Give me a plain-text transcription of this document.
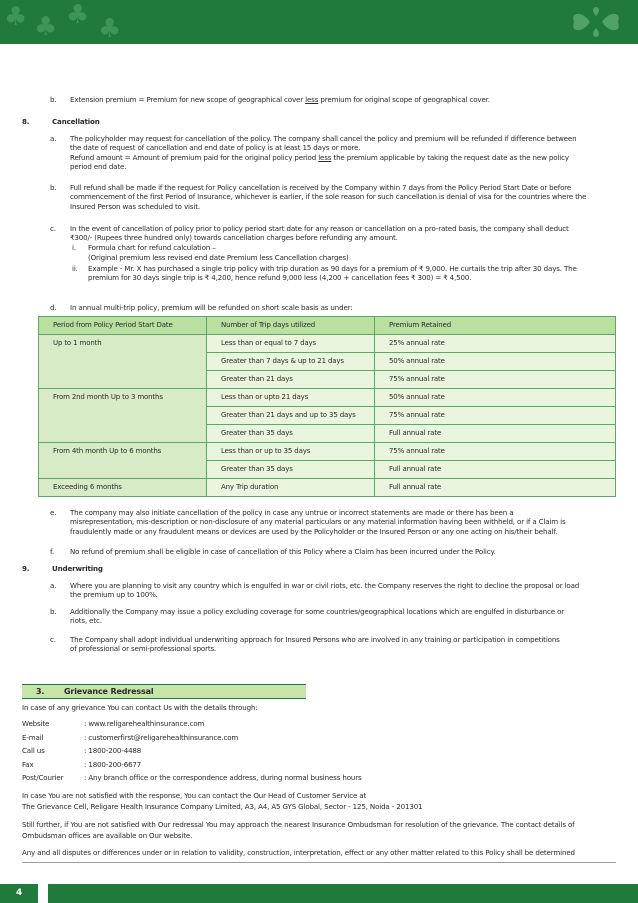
♣ ♣ ♣ ♣
b.	Extension premium = Premium for new scope of geographical cover less premium for original scope of geographical cover.
8.	Cancellation
a.	The policyholder may request for cancellation of the policy. The company shall cancel the policy and premium will be refunded if difference between
the date of request of cancellation and end date of policy is at least 15 days or more.
Refund amount = Amount of premium paid for the original policy period less the premium applicable by taking the request date as the new policy
period end date.
b.	Full refund shall be made if the request for Policy cancellation is received by the Company within 7 days from the Policy Period Start Date or before
commencement of the first Period of Insurance, whichever is earlier, if the sole reason for such cancellation is denial of visa for the countries where the
Insured Person was scheduled to visit.
c.	In the event of cancellation of policy prior to policy period start date for any reason or cancellation on a pro-rated basis, the company shall deduct
₹300/- (Rupees three hundred only) towards cancellation charges before refunding any amount.
i. Formula chart for refund calculation –
(Original premium less revised end date Premium less Cancellation charges)
ii. Example - Mr. X has purchased a single trip policy with trip duration as 90 days for a premium of ₹ 9,000. He curtails the trip after 30 days. The
premium for 30 days single trip is ₹ 4,200, hence refund 9,000 less (4,200 + cancellation fees ₹ 300) = ₹ 4,500.
d.	In annual multi-trip policy, premium will be refunded on short scale basis as under:
Period from Policy Period Start Date	Number of Trip days utilized	Premium Retained
Up to 1 month	Less than or equal to 7 days	25% annual rate
	Greater than 7 days & up to 21 days	50% annual rate
	Greater than 21 days	75% annual rate
From 2nd month Up to 3 months	Less than or upto 21 days	50% annual rate
	Greater than 21 days and up to 35 days	75% annual rate
	Greater than 35 days	Full annual rate
From 4th month Up to 6 months	Less than or up to 35 days	75% annual rate
	Greater than 35 days	Full annual rate
Exceeding 6 months	Any Trip duration	Full annual rate
e.	The company may also initiate cancellation of the policy in case any untrue or incorrect statements are made or there has been a
misrepresentation, mis-description or non-disclosure of any material particulars or any material information having been withheld, or if a Claim is
fraudulently made or any fraudulent means or devices are used by the Policyholder or the Insured Person or any one acting on his/their behalf.
f.	No refund of premium shall be eligible in case of cancellation of this Policy where a Claim has been incurred under the Policy.
9.	Underwriting
a.	Where you are planning to visit any country which is engulfed in war or civil riots, etc. the Company reserves the right to decline the proposal or load
the premium up to 100%.
b.	Additionally the Company may issue a policy excluding coverage for some countries/geographical locations which are engulfed in disturbance or
riots, etc.
c.	The Company shall adopt individual underwriting approach for Insured Persons who are involved in any training or participation in competitions
of professional or semi-professional sports.
3. Grievance Redressal
In case of any grievance You can contact Us with the details through:
Website	: www.religarehealthinsurance.com
E-mail	: customerfirst@religarehealthinsurance.com
Call us	: 1800-200-4488
Fax	: 1800-200-6677
Post/Courier	: Any branch office or the correspondence address, during normal business hours
In case You are not satisfied with the response, You can contact the Our Head of Customer Service at
The Grievance Cell, Religare Health Insurance Company Limited, A3, A4, A5 GYS Global, Sector - 125, Noida - 201301
Still further, if You are not satisfied with Our redressal You may approach the nearest Insurance Ombudsman for resolution of the grievance. The contact details of
Ombudsman offices are available on Our website.
Any and all disputes or differences under or in relation to validity, construction, interpretation, effect or any other matter related to this Policy shall be determined
4
